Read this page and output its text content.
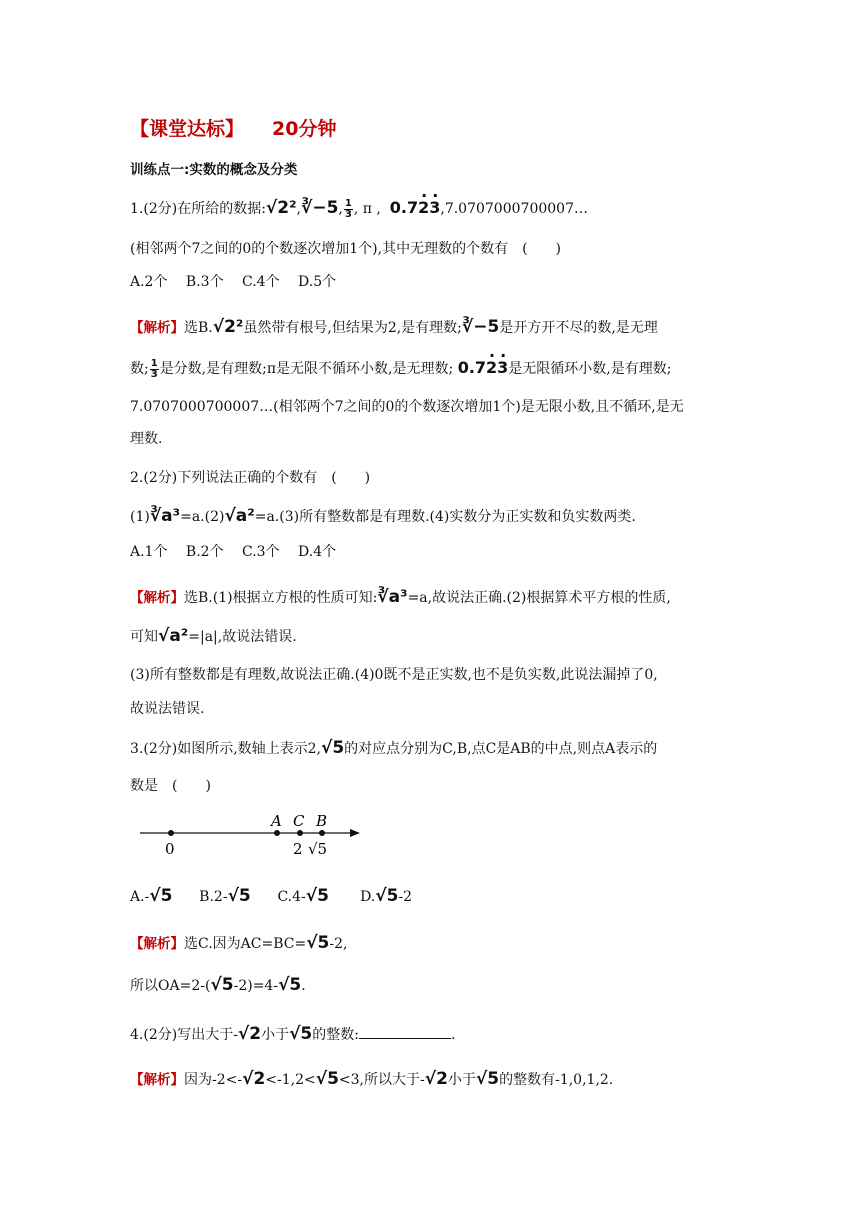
【课堂达标】 20分钟
训练点一:实数的概念及分类
1.(2分)在所给的数据:√2²,∛−5, $\frac{1}{3}$ , π , 0.7· 2· 3,7.0707000700007…
(相邻两个7之间的0的个数逐次增加1个),其中无理数的个数有　(　　)
A.2个　 B.3个　 C.4个　 D.5个
【解析】选B.√2²虽然带有根号,但结果为2,是有理数;∛−5是开方开不尽的数,是无理
数; $\frac{1}{3}$ 是分数,是有理数;π是无限不循环小数,是无理数; 0.7· 2· 3是无限循环小数,是有理数;
7.0707000700007…(相邻两个7之间的0的个数逐次增加1个)是无限小数,且不循环,是无
理数.
2.(2分)下列说法正确的个数有　(　　)
(1)∛a³=a.(2)√a²=a.(3)所有整数都是有理数.(4)实数分为正实数和负实数两类.
A.1个　 B.2个　 C.3个　 D.4个
【解析】选B.(1)根据立方根的性质可知:∛a³=a,故说法正确.(2)根据算术平方根的性质,
可知√a²=|a|,故说法错误.
(3)所有整数都是有理数,故说法正确.(4)0既不是正实数,也不是负实数,此说法漏掉了0,
故说法错误.
3.(2分)如图所示,数轴上表示2,√5的对应点分别为C,B,点C是AB的中点,则点A表示的
数是　(　　)
A C B
0	2 √5
A.-√5 B.2-√5 C.4-√5 D.√5-2
【解析】选C.因为AC=BC=√5-2,
所以OA=2-(√5-2)=4-√5.
4.(2分)写出大于-√2小于√5的整数:	.
【解析】因为-2<-√2<-1,2<√5<3,所以大于-√2小于√5的整数有-1,0,1,2.
